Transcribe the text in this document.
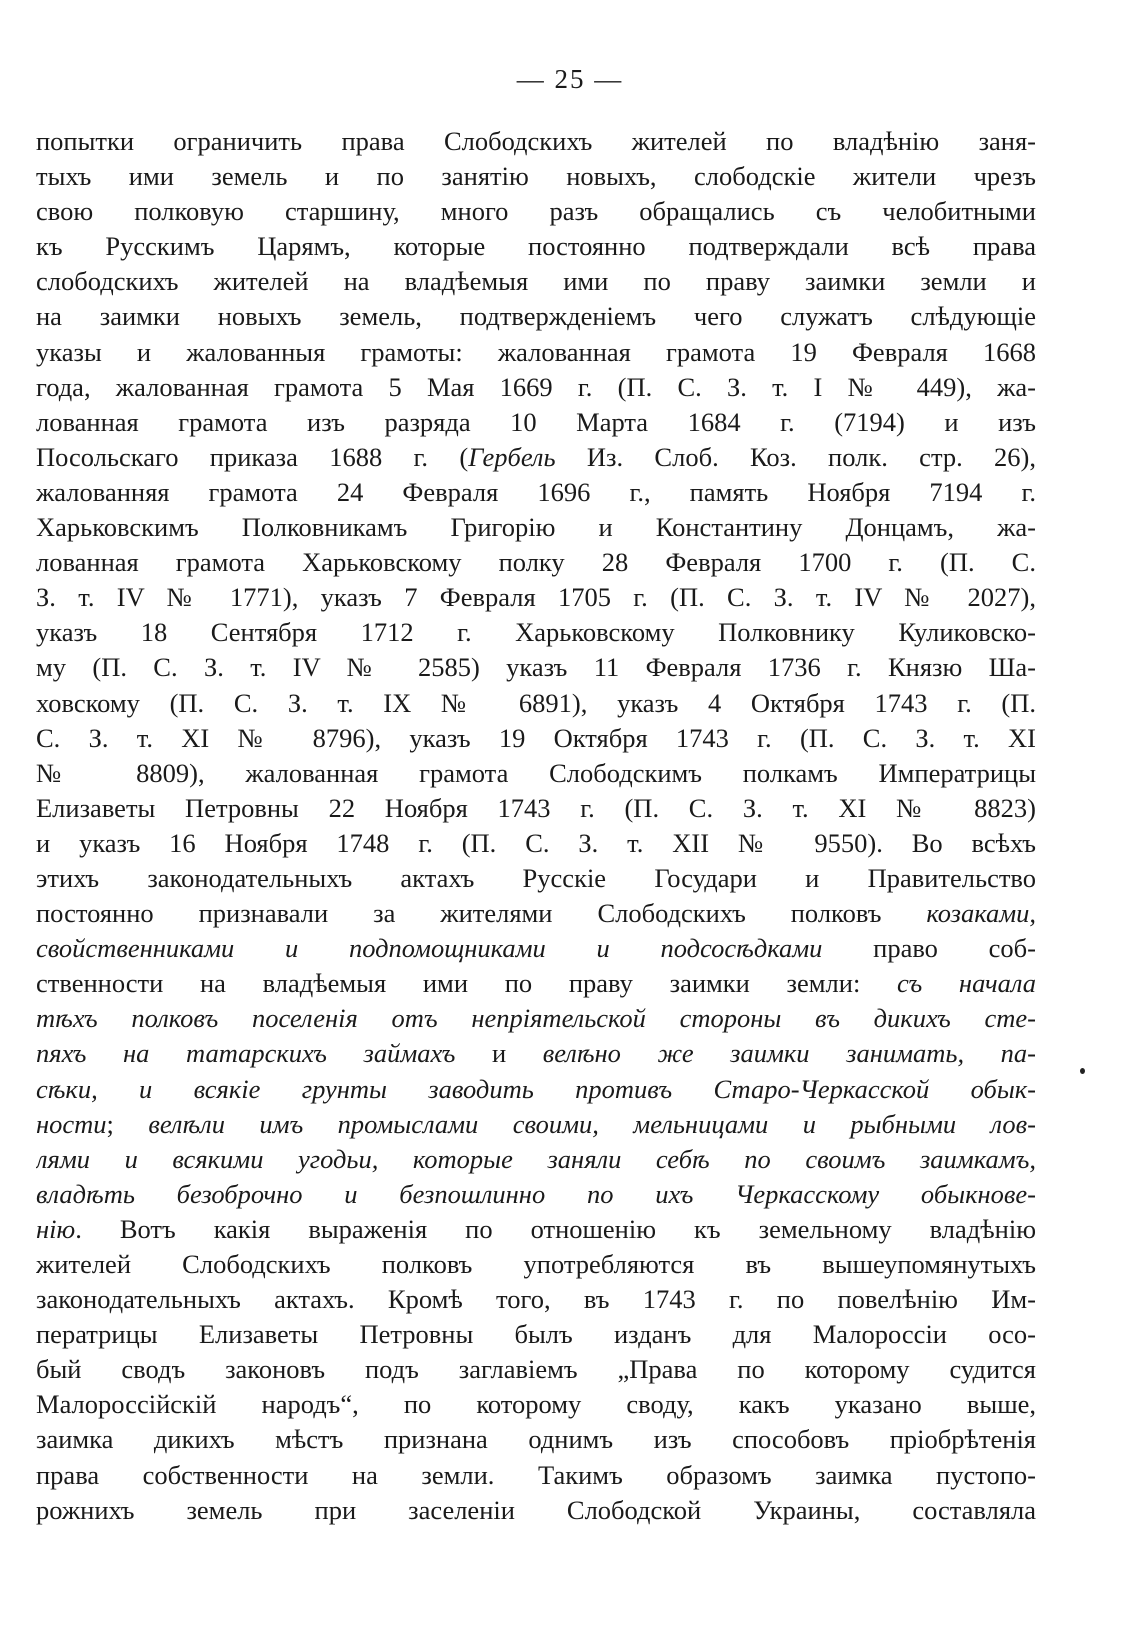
— 25 —
попытки ограничить права Слободскихъ жителей по владѣнію заня-
тыхъ ими земель и по занятію новыхъ, слободскіе жители чрезъ
свою полковую старшину, много разъ обращались съ челобитными
къ Русскимъ Царямъ, которые постоянно подтверждали всѣ права
слободскихъ жителей на владѣемыя ими по праву заимки земли и
на заимки новыхъ земель, подтвержденіемъ чего служатъ слѣдующіе
указы и жалованныя грамоты: жалованная грамота 19 Февраля 1668
года, жалованная грамота 5 Мая 1669 г. (П. С. З. т. I № 449), жа-
лованная грамота изъ разряда 10 Марта 1684 г. (7194) и изъ
Посольскаго приказа 1688 г. (Гербель Из. Слоб. Коз. полк. стр. 26),
жалованняя грамота 24 Февраля 1696 г., память Ноября 7194 г.
Харьковскимъ Полковникамъ Григорію и Константину Донцамъ, жа-
лованная грамота Харьковскому полку 28 Февраля 1700 г. (П. С.
З. т. IV № 1771), указъ 7 Февраля 1705 г. (П. С. З. т. IV № 2027),
указъ 18 Сентября 1712 г. Харьковскому Полковнику Куликовско-
му (П. С. З. т. IV № 2585) указъ 11 Февраля 1736 г. Князю Ша-
ховскому (П. С. З. т. IX № 6891), указъ 4 Октября 1743 г. (П.
С. З. т. XI № 8796), указъ 19 Октября 1743 г. (П. С. З. т. XI
№ 8809), жалованная грамота Слободскимъ полкамъ Императрицы
Елизаветы Петровны 22 Ноября 1743 г. (П. С. З. т. XI № 8823)
и указъ 16 Ноября 1748 г. (П. С. З. т. XII № 9550). Во всѣхъ
этихъ законодательныхъ актахъ Русскіе Государи и Правительство
постоянно признавали за жителями Слободскихъ полковъ козаками,
свойственниками и подпомощниками и подсосѣдками право соб-
ственности на владѣемыя ими по праву заимки земли: съ начала
тѣхъ полковъ поселенія отъ непріятельской стороны въ дикихъ сте-
пяхъ на татарскихъ займахъ и велѣно же заимки занимать, па-
сѣки, и всякіе грунты заводить противъ Старо-Черкасской обык-
ности; велѣли имъ промыслами своими, мельницами и рыбными лов-
лями и всякими угодьи, которые заняли себѣ по своимъ заимкамъ,
владѣть безоброчно и безпошлинно по ихъ Черкасскому обыкнове-
нію. Вотъ какія выраженія по отношенію къ земельному владѣнію
жителей Слободскихъ полковъ употребляются въ вышеупомянутыхъ
законодательныхъ актахъ. Кромѣ того, въ 1743 г. по повелѣнію Им-
ператрицы Елизаветы Петровны былъ изданъ для Малороссіи осо-
бый сводъ законовъ подъ заглавіемъ „Права по которому судится
Малороссійскій народъ“, по которому своду, какъ указано выше,
заимка дикихъ мѣстъ признана однимъ изъ способовъ пріобрѣтенія
права собственности на земли. Такимъ образомъ заимка пустопо-
рожнихъ земель при заселеніи Слободской Украины, составляла
